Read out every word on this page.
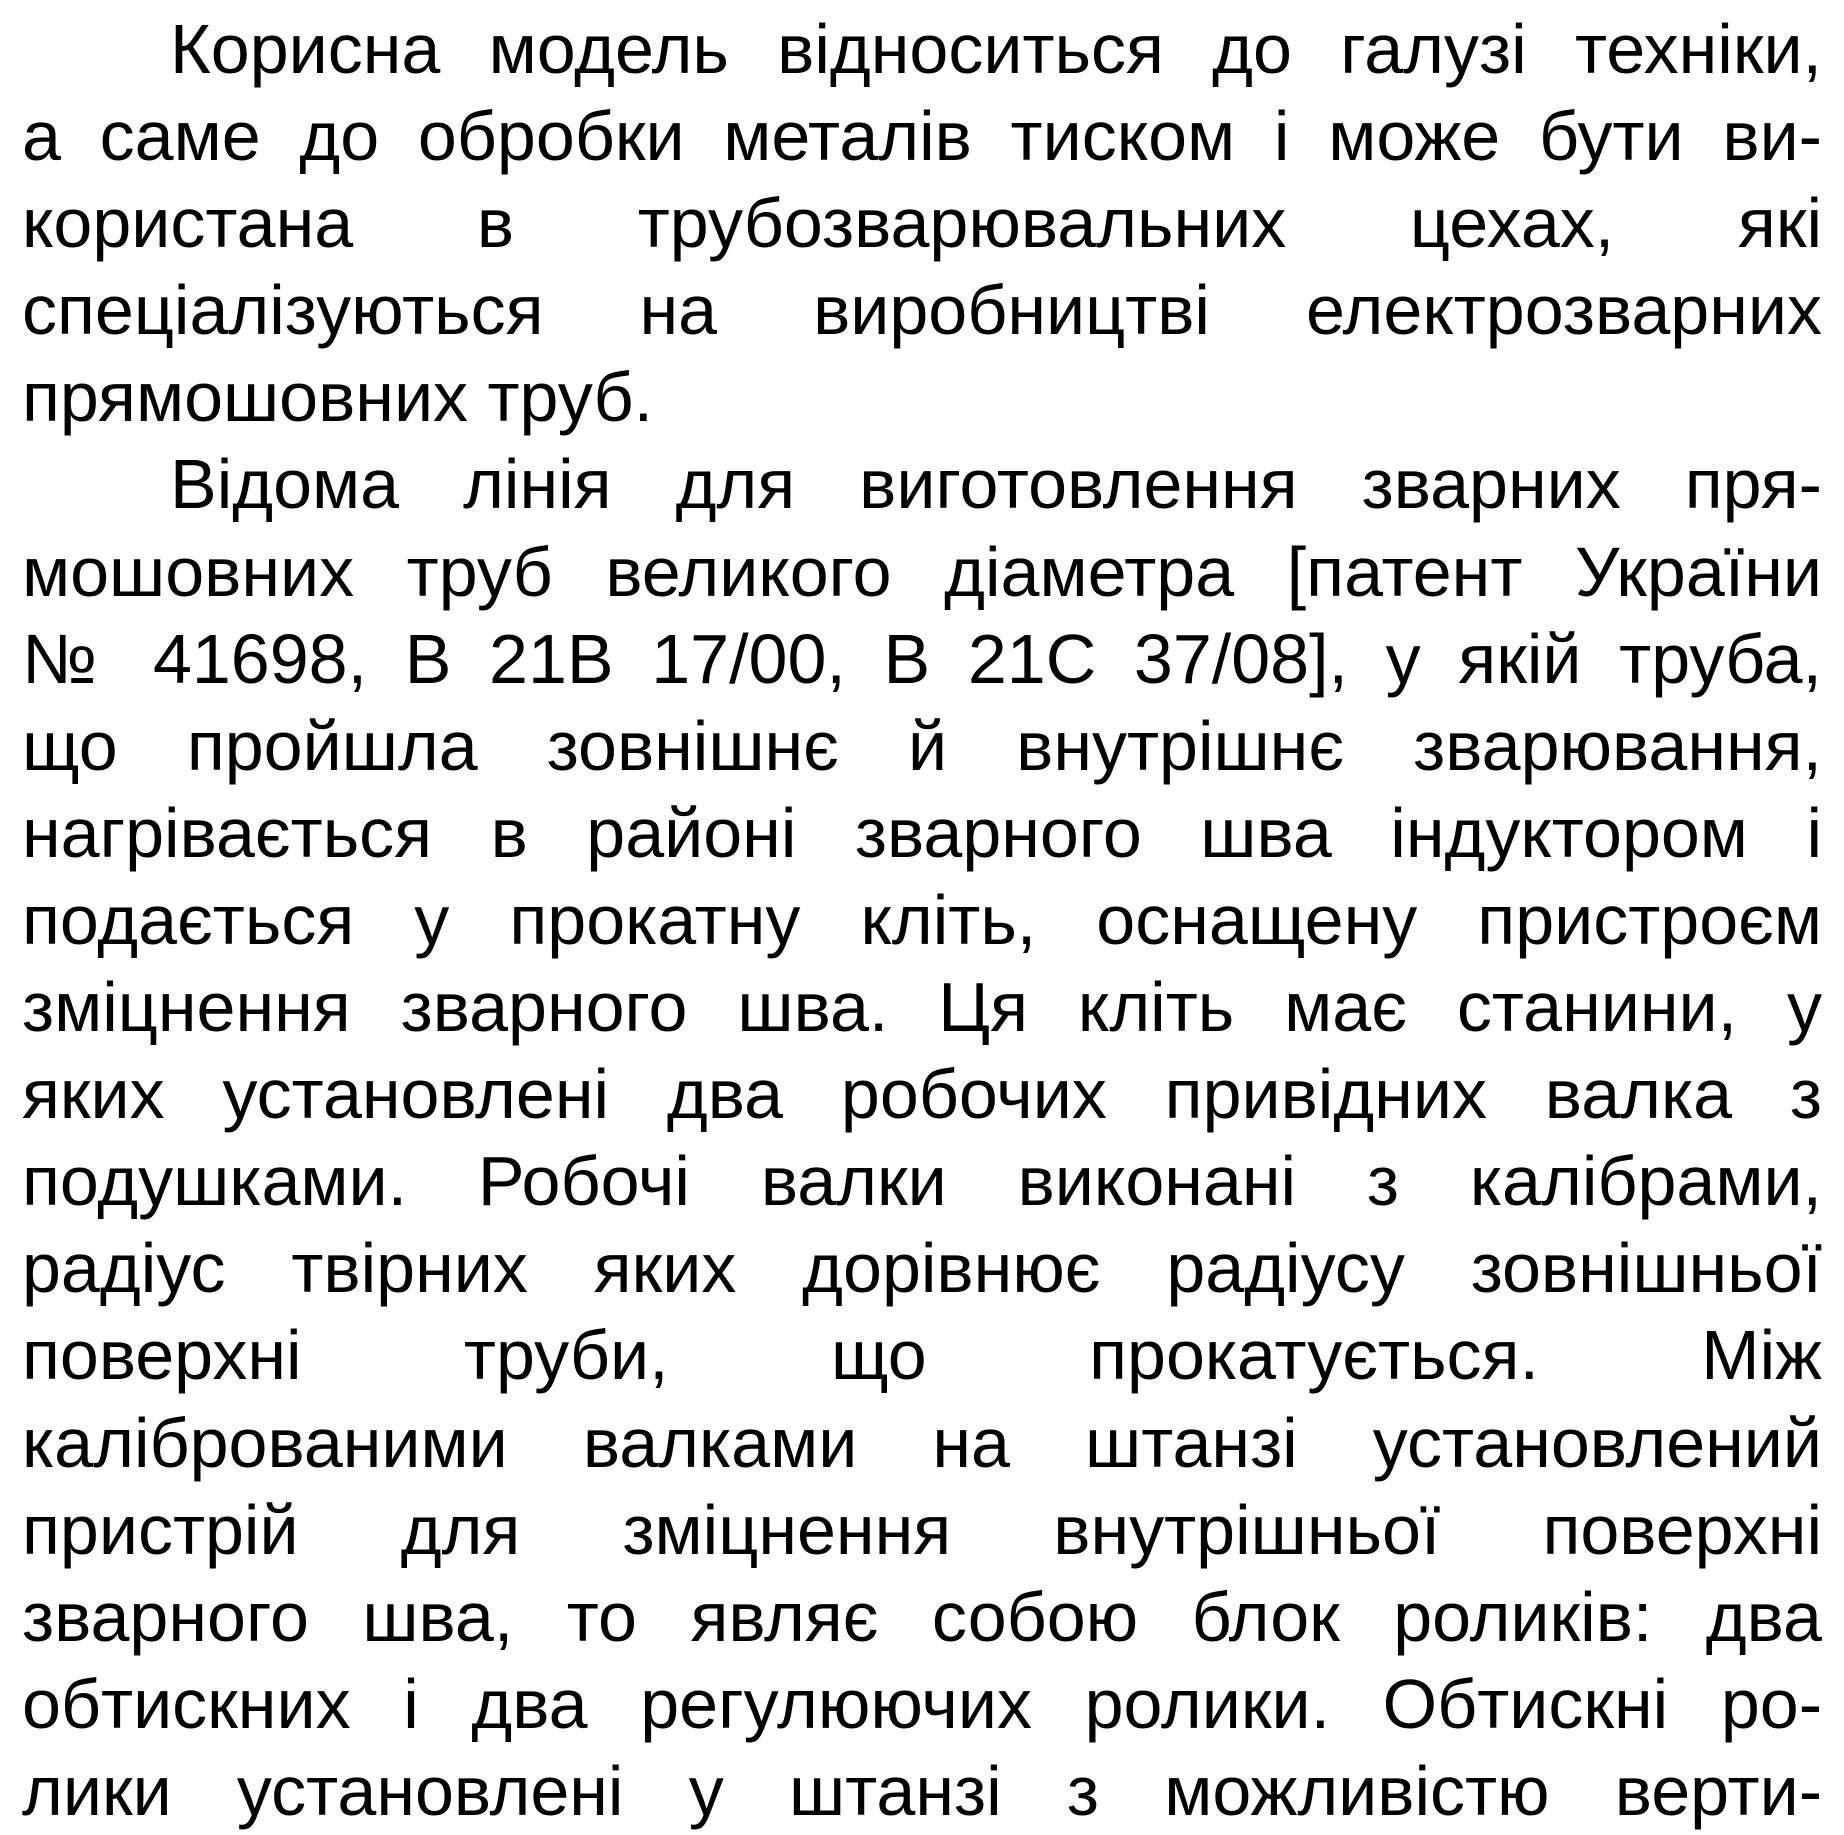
Корисна модель відноситься до галузі техніки,
а саме до обробки металів тиском і може бути ви-
користана в трубозварювальних цехах, які
спеціалізуються на виробництві електрозварних
прямошовних труб.
Відома лінія для виготовлення зварних пря-
мошовних труб великого діаметра [патент України
№ 41698, В 21В 17/00, В 21С 37/08], у якій труба,
що пройшла зовнішнє й внутрішнє зварювання,
нагрівається в районі зварного шва індуктором і
подається у прокатну кліть, оснащену пристроєм
зміцнення зварного шва. Ця кліть має станини, у
яких установлені два робочих привідних валка з
подушками. Робочі валки виконані з калібрами,
радіус твірних яких дорівнює радіусу зовнішньої
поверхні труби, що прокатується. Між
каліброваними валками на штанзі установлений
пристрій для зміцнення внутрішньої поверхні
зварного шва, то являє собою блок роликів: два
обтискних і два регулюючих ролики. Обтискні ро-
лики установлені у штанзі з можливістю верти-
